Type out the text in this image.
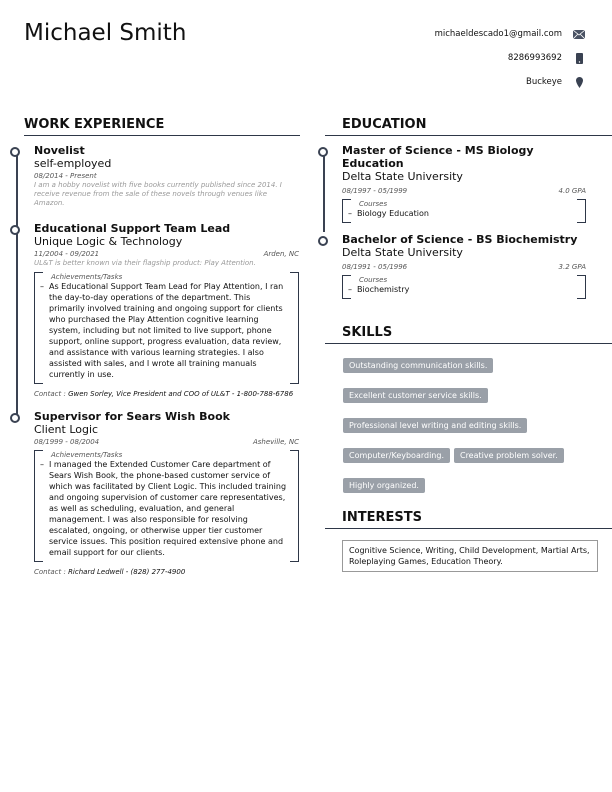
Michael Smith	michaeldescado1@gmail.com
8286993692
Buckeye
WORK EXPERIENCE
Novelist
self-employed
08/2014 - Present
I am a hobby novelist with five books currently published since 2014. I receive revenue from the sale of these novels through venues like Amazon.
Educational Support Team Lead
Unique Logic & Technology
11/2004 - 09/2021	Arden, NC
UL&T is better known via their flagship product: Play Attention.
Achievements/Tasks
– As Educational Support Team Lead for Play Attention, I ran the day-to-day operations of the department. This primarily involved training and ongoing support for clients who purchased the Play Attention cognitive learning system, including but not limited to live support, phone support, online support, progress evaluation, data review, and assistance with various learning strategies. I also assisted with sales, and I wrote all training manuals currently in use.
Contact : Gwen Sorley, Vice President and COO of UL&T - 1-800-788-6786
Supervisor for Sears Wish Book
Client Logic
08/1999 - 08/2004	Asheville, NC
Achievements/Tasks
– I managed the Extended Customer Care department of Sears Wish Book, the phone-based customer service of which was facilitated by Client Logic. This included training and ongoing supervision of customer care representatives, as well as scheduling, evaluation, and general management. I was also responsible for resolving escalated, ongoing, or otherwise upper tier customer service issues. This position required extensive phone and email support for our clients.
Contact : Richard Ledwell - (828) 277-4900
EDUCATION
Master of Science - MS Biology Education
Delta State University
08/1997 - 05/1999	4.0 GPA
Courses
– Biology Education
Bachelor of Science - BS Biochemistry
Delta State University
08/1991 - 05/1996	3.2 GPA
Courses
– Biochemistry
SKILLS
Outstanding communication skills.
Excellent customer service skills.
Professional level writing and editing skills.
Computer/Keyboarding. Creative problem solver.
Highly organized.
INTERESTS
Cognitive Science, Writing, Child Development, Martial Arts, Roleplaying Games, Education Theory.
